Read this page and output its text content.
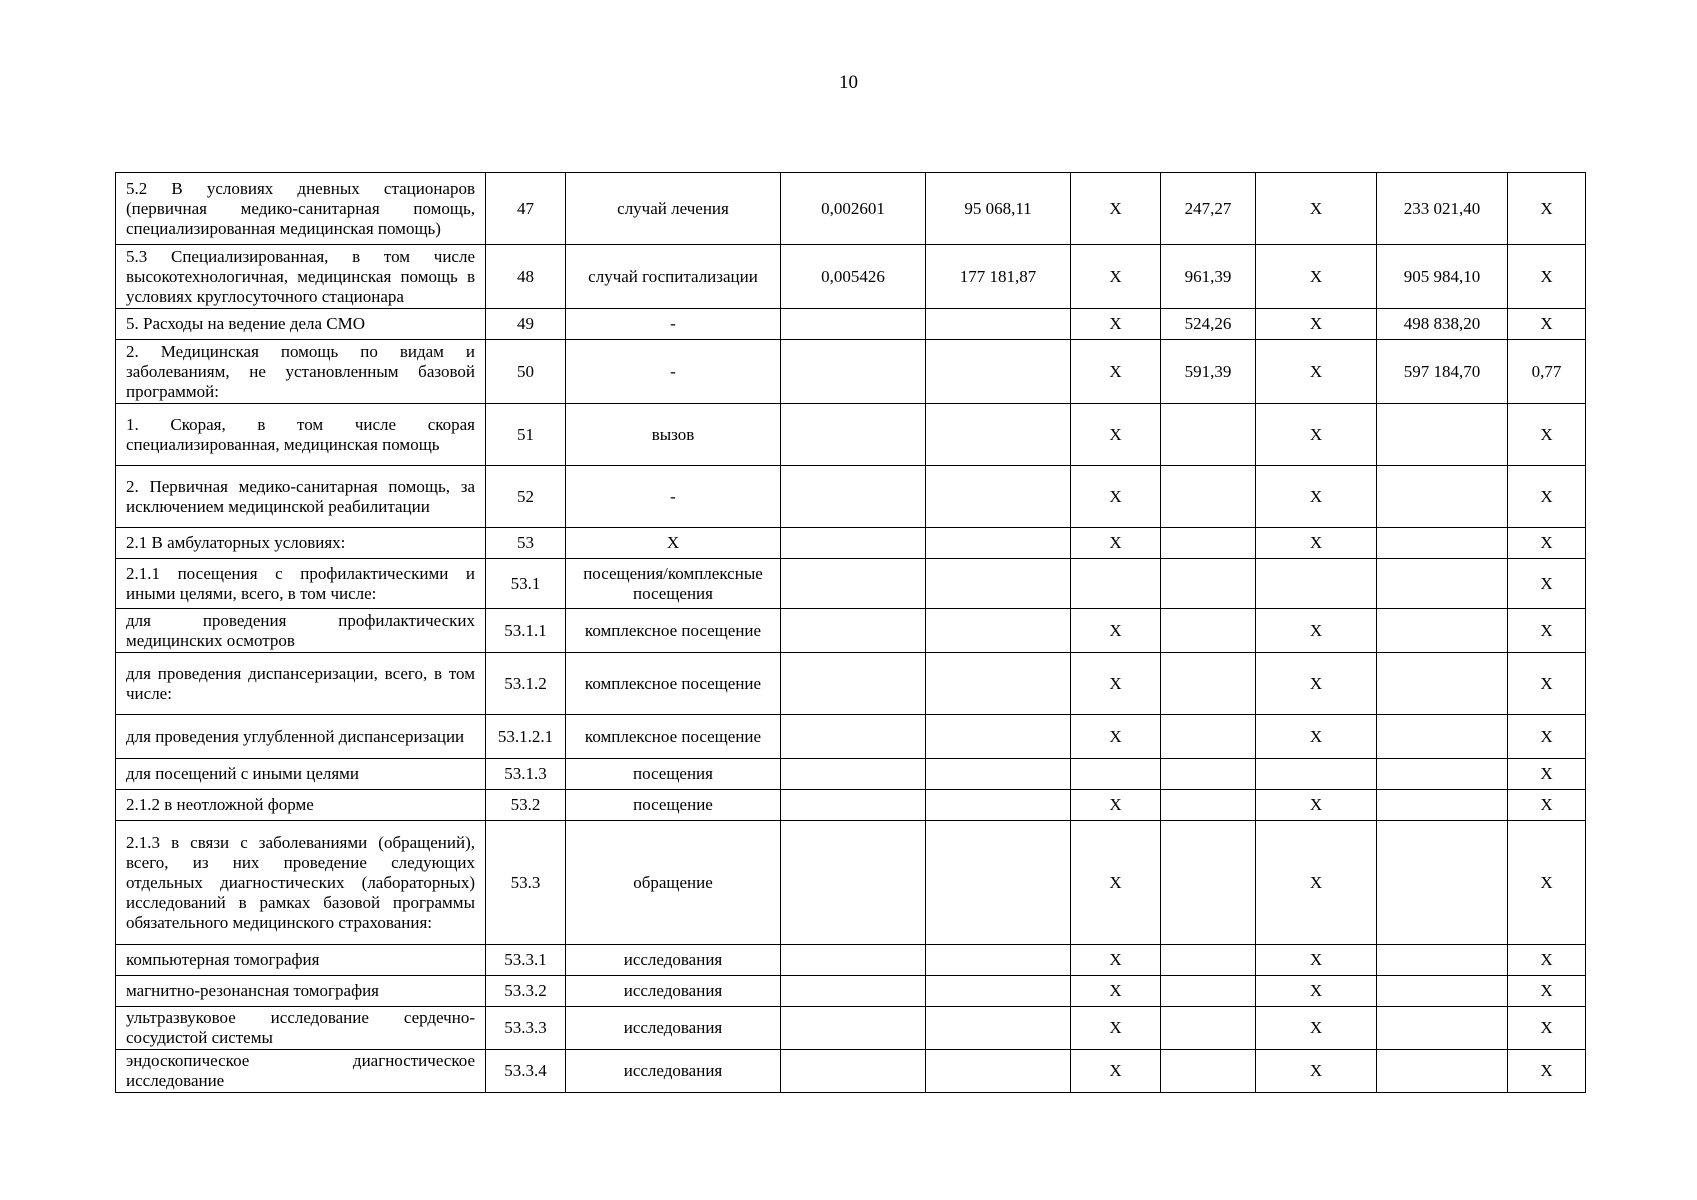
10
5.2 В условиях дневных стационаров (первичная медико-санитарная помощь, специализированная медицинская помощь)	47	случай лечения	0,002601	95 068,11	X	247,27	X	233 021,40	X
5.3 Специализированная, в том числе высокотехнологичная, медицинская помощь в условиях круглосуточного стационара	48	случай госпитализации	0,005426	177 181,87	X	961,39	X	905 984,10	X
5. Расходы на ведение дела СМО	49	-			X	524,26	X	498 838,20	X
2. Медицинская помощь по видам и заболеваниям, не установленным базовой программой:	50	-			X	591,39	X	597 184,70	0,77
1. Скорая, в том числе скорая специализированная, медицинская помощь	51	вызов			X		X		X
2. Первичная медико-санитарная помощь, за исключением медицинской реабилитации	52	-			X		X		X
2.1 В амбулаторных условиях:	53	X			X		X		X
2.1.1 посещения с профилактическими и иными целями, всего, в том числе:	53.1	посещения/комплексные посещения							X
для проведения профилактических медицинских осмотров	53.1.1	комплексное посещение			X		X		X
для проведения диспансеризации, всего, в том числе:	53.1.2	комплексное посещение			X		X		X
для проведения углубленной диспансеризации	53.1.2.1	комплексное посещение			X		X		X
для посещений с иными целями	53.1.3	посещения							X
2.1.2 в неотложной форме	53.2	посещение			X		X		X
2.1.3 в связи с заболеваниями (обращений), всего, из них проведение следующих отдельных диагностических (лабораторных) исследований в рамках базовой программы обязательного медицинского страхования:	53.3	обращение			X		X		X
компьютерная томография	53.3.1	исследования			X		X		X
магнитно-резонансная томография	53.3.2	исследования			X		X		X
ультразвуковое исследование сердечно-сосудистой системы	53.3.3	исследования			X		X		X
эндоскопическое диагностическое исследование	53.3.4	исследования			X		X		X
